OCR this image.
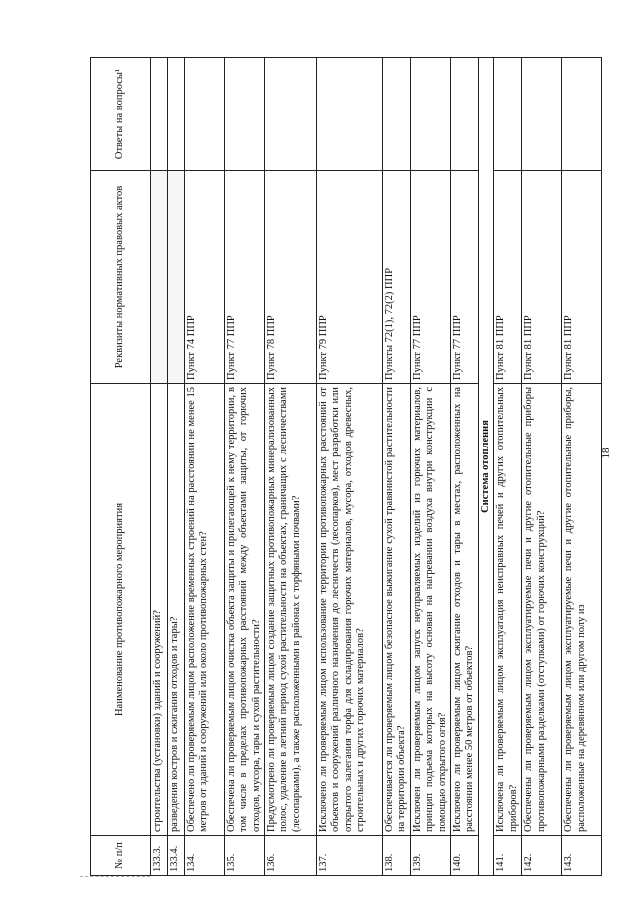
18
№ п/п	Наименование противопожарного мероприятия	Реквизиты нормативных правовых актов	Ответы на вопросы¹
133.3.	строительства (установки) зданий и сооружений?		
133.4.	разведения костров и сжигания отходов и тары?		
134.	Обеспечено ли проверяемым лицом расположение временных строений на расстоянии не менее 15 метров от зданий и сооружений или около противопожарных стен?	Пункт 74 ППР	
135.	Обеспечена ли проверяемым лицом очистка объекта защиты и прилегающей к нему территории, в том числе в пределах противопожарных расстояний между объектами защиты, от горючих отходов, мусора, тары и сухой растительности?	Пункт 77 ППР	
136.	Предусмотрено ли проверяемым лицом создание защитных противопожарных минерализованных полос, удаление в летний период сухой растительности на объектах, граничащих с лесничествами (лесопарками), а также расположенными в районах с торфяными почвами?	Пункт 78 ППР	
137.	Исключено ли проверяемым лицом использование территории противопожарных расстояний от объектов и сооружений различного назначения до лесничеств (лесопарков), мест разработки или открытого залегания торфа для складирования горючих материалов, мусора, отходов древесных, строительных и других горючих материалов?	Пункт 79 ППР	
138.	Обеспечивается ли проверяемым лицом безопасное выжигание сухой травянистой растительности на территории объекта?	Пункты 72(1), 72(2) ППР	
139.	Исключен ли проверяемым лицом запуск неуправляемых изделий из горючих материалов, принцип подъема которых на высоту основан на нагревании воздуха внутри конструкции с помощью открытого огня?	Пункт 77 ППР	
140.	Исключено ли проверяемым лицом сжигание отходов и тары в местах, расположенных на расстоянии менее 50 метров от объектов?	Пункт 77 ППР	
Система отопления			
141.	Исключена ли проверяемым лицом эксплуатация неисправных печей и других отопительных приборов?	Пункт 81 ППР	
142.	Обеспечены ли проверяемым лицом эксплуатируемые печи и другие отопительные приборы противопожарными разделками (отступками) от горючих конструкций?	Пункт 81 ППР	
143.	Обеспечены ли проверяемым лицом эксплуатируемые печи и другие отопительные приборы, расположенные на деревянном или другом полу из	Пункт 81 ППР	
